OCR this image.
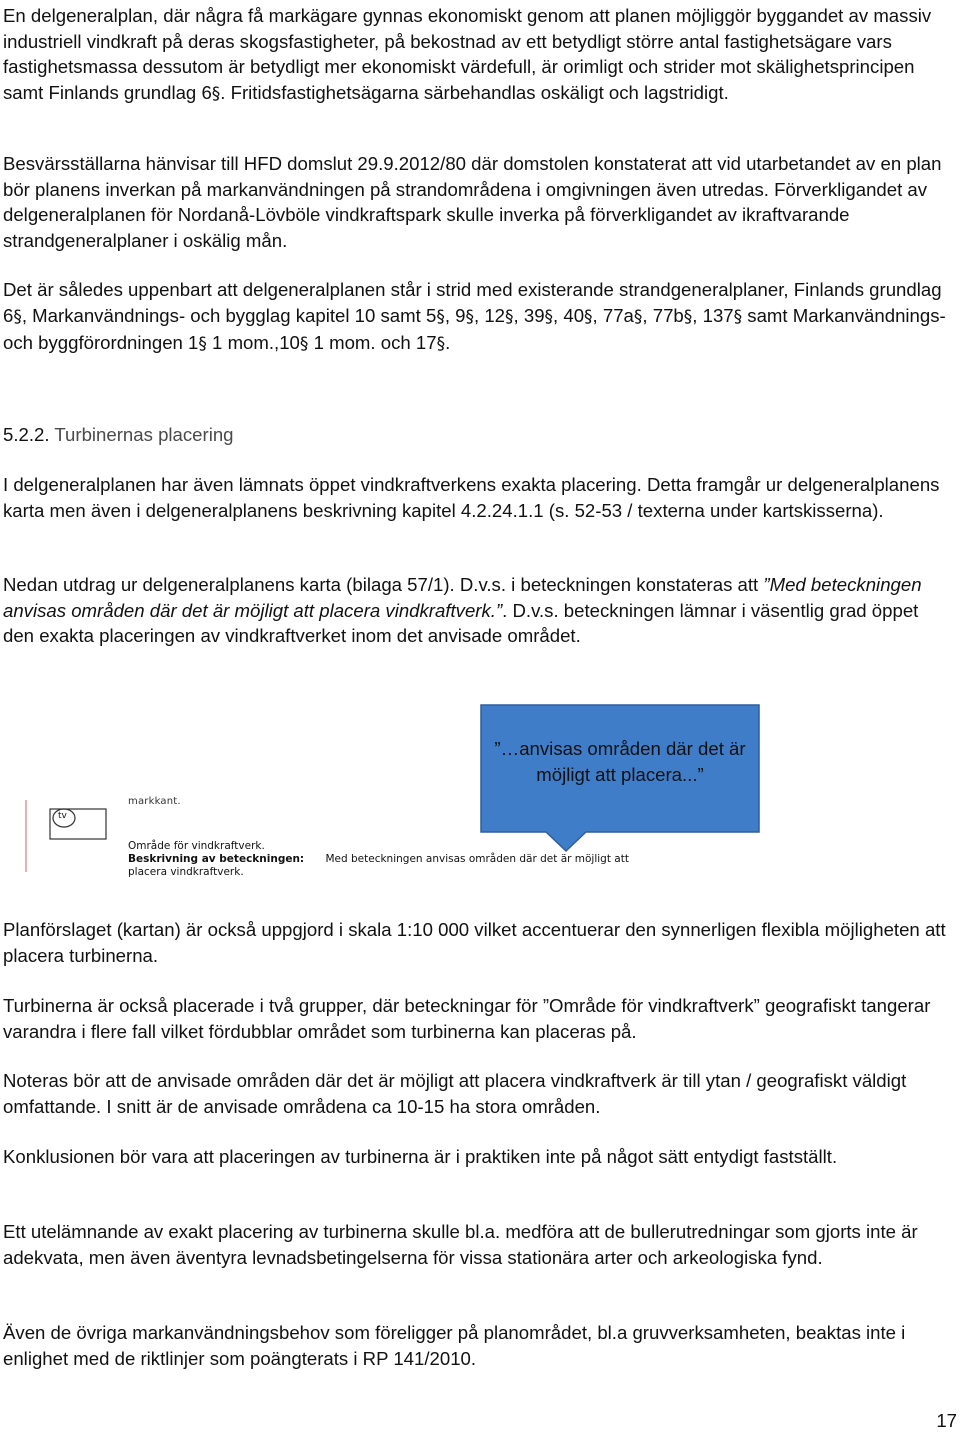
En delgeneralplan, där några få markägare gynnas ekonomiskt genom att planen möjliggör byggandet av massiv industriell vindkraft på deras skogsfastigheter, på bekostnad av ett betydligt större antal fastighetsägare vars fastighetsmassa dessutom är betydligt mer ekonomiskt värdefull, är orimligt och strider mot skälighetsprincipen samt Finlands grundlag 6§. Fritidsfastighetsägarna särbehandlas oskäligt och lagstridigt.

Besvärsställarna hänvisar till HFD domslut 29.9.2012/80 där domstolen konstaterat att vid utarbetandet av en plan bör planens inverkan på markanvändningen på strandområdena i omgivningen även utredas. Förverkligandet av delgeneralplanen för Nordanå-Lövböle vindkraftspark skulle inverka på förverkligandet av ikraftvarande strandgeneralplaner i oskälig mån.

Det är således uppenbart att delgeneralplanen står i strid med existerande strandgeneralplaner, Finlands grundlag 6§, Markanvändnings- och bygglag kapitel 10 samt 5§, 9§, 12§, 39§, 40§, 77a§, 77b§, 137§ samt Markanvändnings- och byggförordningen 1§ 1 mom.,10§ 1 mom. och 17§.

5.2.2. Turbinernas placering

I delgeneralplanen har även lämnats öppet vindkraftverkens exakta placering. Detta framgår ur delgeneralplanens karta men även i delgeneralplanens beskrivning kapitel 4.2.24.1.1 (s. 52-53 / texterna under kartskisserna).

Nedan utdrag ur delgeneralplanens karta (bilaga 57/1). D.v.s. i beteckningen konstateras att ”Med beteckningen anvisas områden där det är möjligt att placera vindkraftverk.”. D.v.s. beteckningen lämnar i väsentlig grad öppet den exakta placeringen av vindkraftverket inom det anvisade området.

markkant.
tv
Område för vindkraftverk.
Beskrivning av beteckningen: Med beteckningen anvisas områden där det är möjligt att
placera vindkraftverk.
”…anvisas områden där det är möjligt att placera...”

Planförslaget (kartan) är också uppgjord i skala 1:10 000 vilket accentuerar den synnerligen flexibla möjligheten att placera turbinerna.

Turbinerna är också placerade i två grupper, där beteckningar för ”Område för vindkraftverk” geografiskt tangerar varandra i flere fall vilket fördubblar området som turbinerna kan placeras på.

Noteras bör att de anvisade områden där det är möjligt att placera vindkraftverk är till ytan / geografiskt väldigt omfattande. I snitt är de anvisade områdena ca 10-15 ha stora områden.

Konklusionen bör vara att placeringen av turbinerna är i praktiken inte på något sätt entydigt fastställt.

Ett utelämnande av exakt placering av turbinerna skulle bl.a. medföra att de bullerutredningar som gjorts inte är adekvata, men även äventyra levnadsbetingelserna för vissa stationära arter och arkeologiska fynd.

Även de övriga markanvändningsbehov som föreligger på planområdet, bl.a gruvverksamheten, beaktas inte i enlighet med de riktlinjer som poängterats i RP 141/2010.

17
